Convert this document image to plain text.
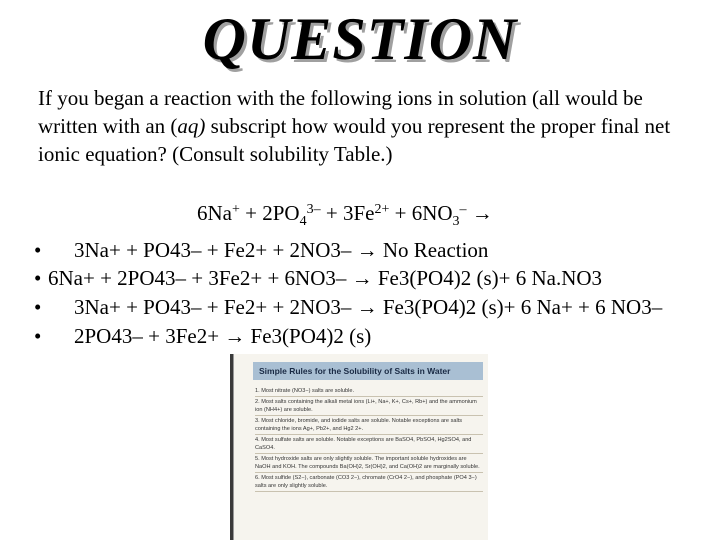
QUESTION
If you began a reaction with the following ions in solution (all would be written with an (aq) subscript how would you represent the proper final net ionic equation? (Consult solubility Table.)
$6Na^+ + 2PO_4^{3-} + 3Fe^{2+} + 6NO_3^-$ →
• 3Na+ + PO43– + Fe2+ + 2NO3– → No Reaction
• 6Na+ + 2PO43– + 3Fe2+ + 6NO3– → Fe3(PO4)2 (s)+ 6 Na.NO3
• 3Na+ + PO43– + Fe2+ + 2NO3– → Fe3(PO4)2 (s)+ 6 Na+ + 6 NO3–
• 2PO43– + 3Fe2+ → Fe3(PO4)2 (s)
Simple Rules for the Solubility of Salts in Water
1. Most nitrate (NO3−) salts are soluble.
2. Most salts containing the alkali metal ions (Li+, Na+, K+, Cs+, Rb+) and the ammonium ion (NH4+) are soluble.
3. Most chloride, bromide, and iodide salts are soluble. Notable exceptions are salts containing the ions Ag+, Pb2+, and Hg2 2+.
4. Most sulfate salts are soluble. Notable exceptions are BaSO4, PbSO4, Hg2SO4, and CaSO4.
5. Most hydroxide salts are only slightly soluble. The important soluble hydroxides are NaOH and KOH. The compounds Ba(OH)2, Sr(OH)2, and Ca(OH)2 are marginally soluble.
6. Most sulfide (S2−), carbonate (CO3 2−), chromate (CrO4 2−), and phosphate (PO4 3−) salts are only slightly soluble.
